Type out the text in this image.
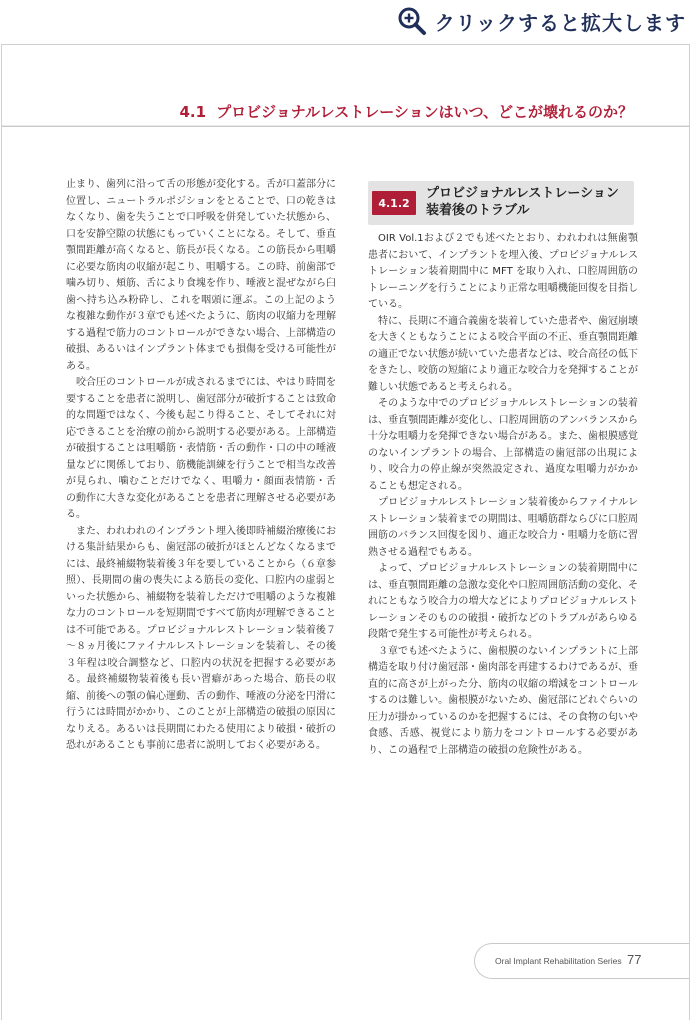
クリックすると拡大します
4.1 プロビジョナルレストレーションはいつ、どこが壊れるのか？

止まり、歯列に沿って舌の形態が変化する。舌が口蓋部分に位置し、ニュートラルポジションをとることで、口の乾きはなくなり、歯を失うことで口呼吸を併発していた状態から、口を安静空隙の状態にもっていくことになる。そして、垂直顎間距離が高くなると、筋長が長くなる。この筋長から咀嚼に必要な筋肉の収縮が起こり、咀嚼する。この時、前歯部で噛み切り、頬筋、舌により食塊を作り、唾液と混ぜながら臼歯へ持ち込み粉砕し、これを咽頭に運ぶ。この上記のような複雑な動作が３章でも述べたように、筋肉の収縮力を理解する過程で筋力のコントロールができない場合、上部構造の破損、あるいはインプラント体までも損傷を受ける可能性がある。

咬合圧のコントロールが成されるまでには、やはり時間を要することを患者に説明し、歯冠部分が破折することは致命的な問題ではなく、今後も起こり得ること、そしてそれに対応できることを治療の前から説明する必要がある。上部構造が破損することは咀嚼筋・表情筋・舌の動作・口の中の唾液量などに関係しており、筋機能訓練を行うことで相当な改善が見られ、噛むことだけでなく、咀嚼力・顔面表情筋・舌の動作に大きな変化があることを患者に理解させる必要がある。

また、われわれのインプラント埋入後即時補綴治療後における集計結果からも、歯冠部の破折がほとんどなくなるまでには、最終補綴物装着後３年を要していることから（６章参照）、長期間の歯の喪失による筋長の変化、口腔内の虚弱といった状態から、補綴物を装着しただけで咀嚼のような複雑な力のコントロールを短期間ですべて筋肉が理解できることは不可能である。プロビジョナルレストレーション装着後７～８ヵ月後にファイナルレストレーションを装着し、その後３年程は咬合調整など、口腔内の状況を把握する必要がある。最終補綴物装着後も長い習癖があった場合、筋長の収縮、前後への顎の偏心運動、舌の動作、唾液の分泌を円滑に行うには時間がかかり、このことが上部構造の破損の原因になりえる。あるいは長期間にわたる使用により破損・破折の恐れがあることも事前に患者に説明しておく必要がある。

4.1.2
プロビジョナルレストレーション装着後のトラブル

OIR Vol.1および２でも述べたとおり、われわれは無歯顎患者において、インプラントを埋入後、プロビジョナルレストレーション装着期間中に MFT を取り入れ、口腔周囲筋のトレーニングを行うことにより正常な咀嚼機能回復を目指している。

特に、長期に不適合義歯を装着していた患者や、歯冠崩壊を大きくともなうことによる咬合平面の不正、垂直顎間距離の適正でない状態が続いていた患者などは、咬合高径の低下をきたし、咬筋の短縮により適正な咬合力を発揮することが難しい状態であると考えられる。

そのような中でのプロビジョナルレストレーションの装着は、垂直顎間距離が変化し、口腔周囲筋のアンバランスから十分な咀嚼力を発揮できない場合がある。また、歯根膜感覚のないインプラントの場合、上部構造の歯冠部の出現により、咬合力の停止線が突然設定され、過度な咀嚼力がかかることも想定される。

プロビジョナルレストレーション装着後からファイナルレストレーション装着までの期間は、咀嚼筋群ならびに口腔周囲筋のバランス回復を図り、適正な咬合力・咀嚼力を筋に習熟させる過程でもある。

よって、プロビジョナルレストレーションの装着期間中には、垂直顎間距離の急激な変化や口腔周囲筋活動の変化、それにともなう咬合力の増大などによりプロビジョナルレストレーションそのものの破損・破折などのトラブルがあらゆる段階で発生する可能性が考えられる。

３章でも述べたように、歯根膜のないインプラントに上部構造を取り付け歯冠部・歯肉部を再建するわけであるが、垂直的に高さが上がった分、筋肉の収縮の増減をコントロールするのは難しい。歯根膜がないため、歯冠部にどれぐらいの圧力が掛かっているのかを把握するには、その食物の匂いや食感、舌感、視覚により筋力をコントロールする必要があり、この過程で上部構造の破損の危険性がある。

Oral Implant Rehabilitation Series 77
